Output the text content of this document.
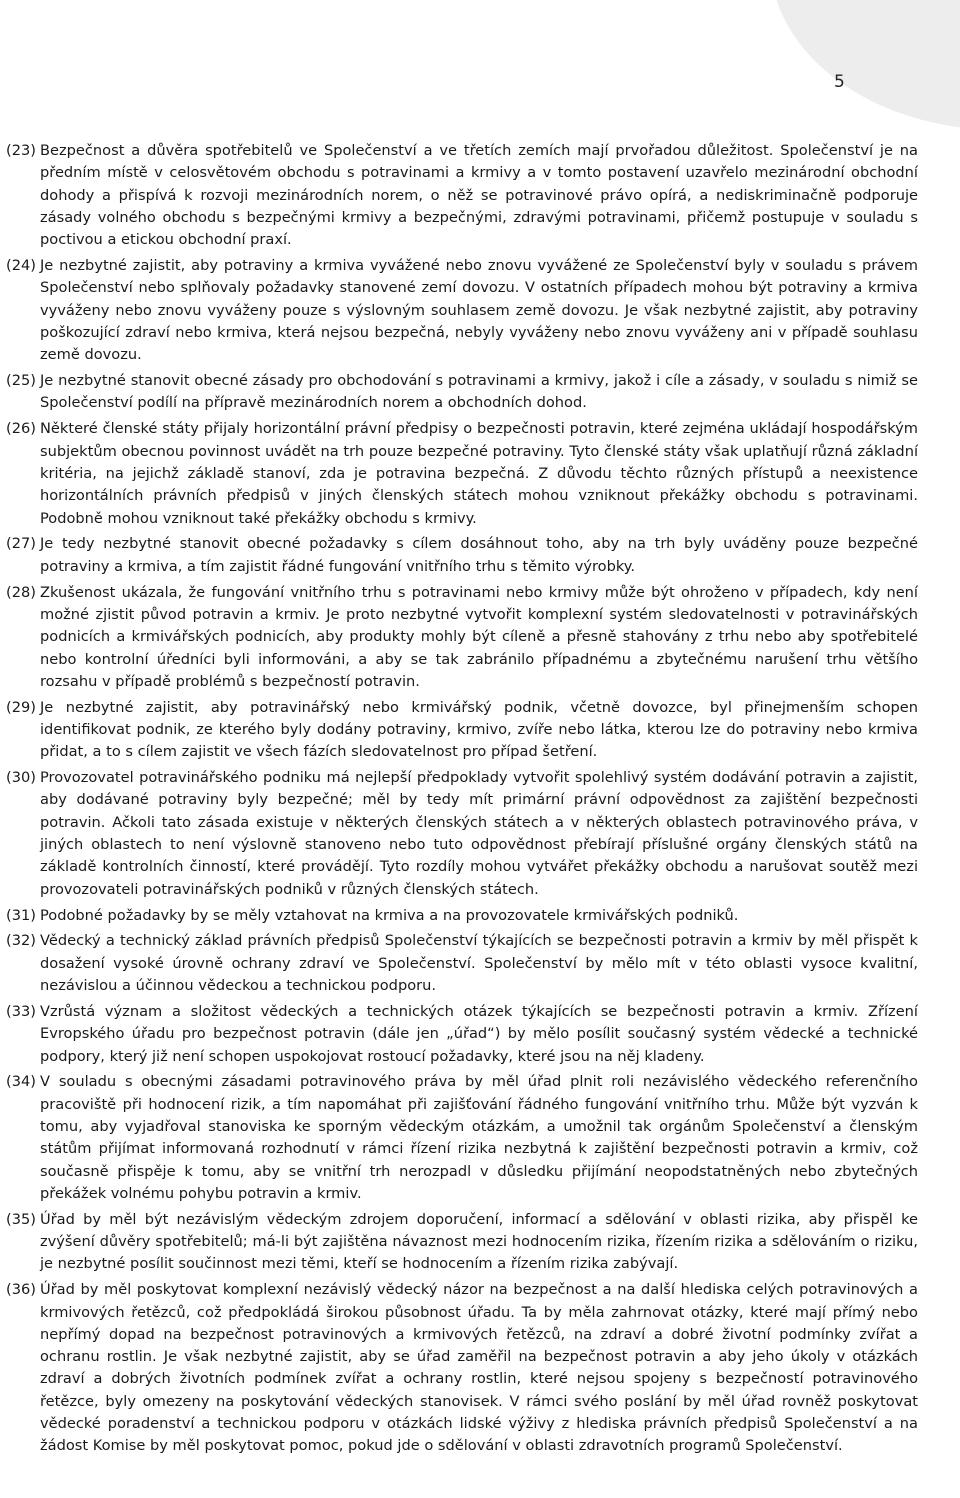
5
(23) Bezpečnost a důvěra spotřebitelů ve Společenství a ve třetích zemích mají prvořadou důležitost. Společenství je na předním místě v celosvětovém obchodu s potravinami a krmivy a v tomto postavení uzavřelo mezinárodní obchodní dohody a přispívá k rozvoji mezinárodních norem, o něž se potravinové právo opírá, a nediskriminačně podporuje zásady volného obchodu s bezpečnými krmivy a bezpečnými, zdravými potravinami, přičemž postupuje v souladu s poctivou a etickou obchodní praxí.
(24) Je nezbytné zajistit, aby potraviny a krmiva vyvážené nebo znovu vyvážené ze Společenství byly v souladu s právem Společenství nebo splňovaly požadavky stanovené zemí dovozu. V ostatních případech mohou být potraviny a krmiva vyváženy nebo znovu vyváženy pouze s výslovným souhlasem země dovozu. Je však nezbytné zajistit, aby potraviny poškozující zdraví nebo krmiva, která nejsou bezpečná, nebyly vyváženy nebo znovu vyváženy ani v případě souhlasu země dovozu.
(25) Je nezbytné stanovit obecné zásady pro obchodování s potravinami a krmivy, jakož i cíle a zásady, v souladu s nimiž se Společenství podílí na přípravě mezinárodních norem a obchodních dohod.
(26) Některé členské státy přijaly horizontální právní předpisy o bezpečnosti potravin, které zejména ukládají hospodářským subjektům obecnou povinnost uvádět na trh pouze bezpečné potraviny. Tyto členské státy však uplatňují různá základní kritéria, na jejichž základě stanoví, zda je potravina bezpečná. Z důvodu těchto různých přístupů a neexistence horizontálních právních předpisů v jiných členských státech mohou vzniknout překážky obchodu s potravinami. Podobně mohou vzniknout také překážky obchodu s krmivy.
(27) Je tedy nezbytné stanovit obecné požadavky s cílem dosáhnout toho, aby na trh byly uváděny pouze bezpečné potraviny a krmiva, a tím zajistit řádné fungování vnitřního trhu s těmito výrobky.
(28) Zkušenost ukázala, že fungování vnitřního trhu s potravinami nebo krmivy může být ohroženo v případech, kdy není možné zjistit původ potravin a krmiv. Je proto nezbytné vytvořit komplexní systém sledovatelnosti v potravinářských podnicích a krmivářských podnicích, aby produkty mohly být cíleně a přesně stahovány z trhu nebo aby spotřebitelé nebo kontrolní úředníci byli informováni, a aby se tak zabránilo případnému a zbytečnému narušení trhu většího rozsahu v případě problémů s bezpečností potravin.
(29) Je nezbytné zajistit, aby potravinářský nebo krmivářský podnik, včetně dovozce, byl přinejmenším schopen identifikovat podnik, ze kterého byly dodány potraviny, krmivo, zvíře nebo látka, kterou lze do potraviny nebo krmiva přidat, a to s cílem zajistit ve všech fázích sledovatelnost pro případ šetření.
(30) Provozovatel potravinářského podniku má nejlepší předpoklady vytvořit spolehlivý systém dodávání potravin a zajistit, aby dodávané potraviny byly bezpečné; měl by tedy mít primární právní odpovědnost za zajištění bezpečnosti potravin. Ačkoli tato zásada existuje v některých členských státech a v některých oblastech potravinového práva, v jiných oblastech to není výslovně stanoveno nebo tuto odpovědnost přebírají příslušné orgány členských států na základě kontrolních činností, které provádějí. Tyto rozdíly mohou vytvářet překážky obchodu a narušovat soutěž mezi provozovateli potravinářských podniků v různých členských státech.
(31) Podobné požadavky by se měly vztahovat na krmiva a na provozovatele krmivářských podniků.
(32) Vědecký a technický základ právních předpisů Společenství týkajících se bezpečnosti potravin a krmiv by měl přispět k dosažení vysoké úrovně ochrany zdraví ve Společenství. Společenství by mělo mít v této oblasti vysoce kvalitní, nezávislou a účinnou vědeckou a technickou podporu.
(33) Vzrůstá význam a složitost vědeckých a technických otázek týkajících se bezpečnosti potravin a krmiv. Zřízení Evropského úřadu pro bezpečnost potravin (dále jen „úřad“) by mělo posílit současný systém vědecké a technické podpory, který již není schopen uspokojovat rostoucí požadavky, které jsou na něj kladeny.
(34) V souladu s obecnými zásadami potravinového práva by měl úřad plnit roli nezávislého vědeckého referenčního pracoviště při hodnocení rizik, a tím napomáhat při zajišťování řádného fungování vnitřního trhu. Může být vyzván k tomu, aby vyjadřoval stanoviska ke sporným vědeckým otázkám, a umožnil tak orgánům Společenství a členským státům přijímat informovaná rozhodnutí v rámci řízení rizika nezbytná k zajištění bezpečnosti potravin a krmiv, což současně přispěje k tomu, aby se vnitřní trh nerozpadl v důsledku přijímání neopodstatněných nebo zbytečných překážek volnému pohybu potravin a krmiv.
(35) Úřad by měl být nezávislým vědeckým zdrojem doporučení, informací a sdělování v oblasti rizika, aby přispěl ke zvýšení důvěry spotřebitelů; má-li být zajištěna návaznost mezi hodnocením rizika, řízením rizika a sdělováním o riziku, je nezbytné posílit součinnost mezi těmi, kteří se hodnocením a řízením rizika zabývají.
(36) Úřad by měl poskytovat komplexní nezávislý vědecký názor na bezpečnost a na další hlediska celých potravinových a krmivových řetězců, což předpokládá širokou působnost úřadu. Ta by měla zahrnovat otázky, které mají přímý nebo nepřímý dopad na bezpečnost potravinových a krmivových řetězců, na zdraví a dobré životní podmínky zvířat a ochranu rostlin. Je však nezbytné zajistit, aby se úřad zaměřil na bezpečnost potravin a aby jeho úkoly v otázkách zdraví a dobrých životních podmínek zvířat a ochrany rostlin, které nejsou spojeny s bezpečností potravinového řetězce, byly omezeny na poskytování vědeckých stanovisek. V rámci svého poslání by měl úřad rovněž poskytovat vědecké poradenství a technickou podporu v otázkách lidské výživy z hlediska právních předpisů Společenství a na žádost Komise by měl poskytovat pomoc, pokud jde o sdělování v oblasti zdravotních programů Společenství.
